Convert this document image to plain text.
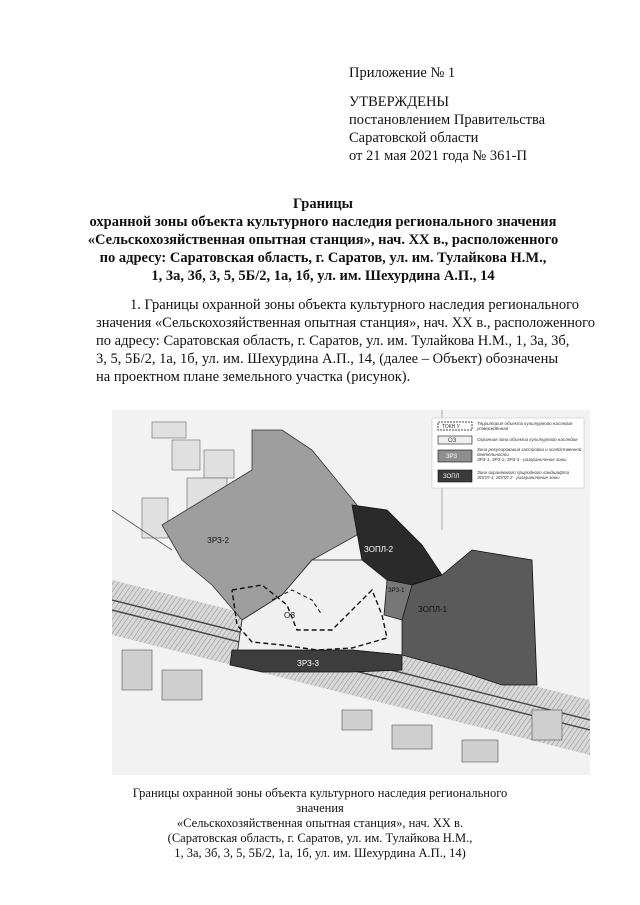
Приложение № 1
УТВЕРЖДЕНЫ
постановлением Правительства
Саратовской области
от 21 мая 2021 года № 361-П
Границы
охранной зоны объекта культурного наследия регионального значения
«Сельскохозяйственная опытная станция», нач. XX в., расположенного
по адресу: Саратовская область, г. Саратов, ул. им. Тулайкова Н.М.,
1, 3а, 3б, 3, 5, 5Б/2, 1а, 1б, ул. им. Шехурдина А.П., 14
1. Границы охранной зоны объекта культурного наследия регионального
значения «Сельскохозяйственная опытная станция», нач. XX в., расположенного
по адресу: Саратовская область, г. Саратов, ул. им. Тулайкова Н.М., 1, 3а, 3б,
3, 5, 5Б/2, 1а, 1б, ул. им. Шехурдина А.П., 14, (далее – Объект) обозначены
на проектном плане земельного участка (рисунок).
ТОКН У
Территория объекта культурного наследия
утверждённая
ОЗ	Охранная зона объекта культурного наследия
ЗРЗ
Зона регулирования застройки и хозяйственной
деятельности
ЗРЗ-1, ЗРЗ-2, ЗРЗ-3 - разграничение зоны
ЗОПЛ
Зона охраняемого природного ландшафта
ЗОПЛ-1, ЗОПЛ-2 - разграничение зоны
ЗРЗ-2
ЗОПЛ-2
ЗРЗ-1
ЗОПЛ-1
ОЗ
ЗРЗ-3
Границы охранной зоны объекта культурного наследия регионального значения
«Сельскохозяйственная опытная станция», нач. XX в.
(Саратовская область, г. Саратов, ул. им. Тулайкова Н.М.,
1, 3а, 3б, 3, 5, 5Б/2, 1а, 1б, ул. им. Шехурдина А.П., 14)
